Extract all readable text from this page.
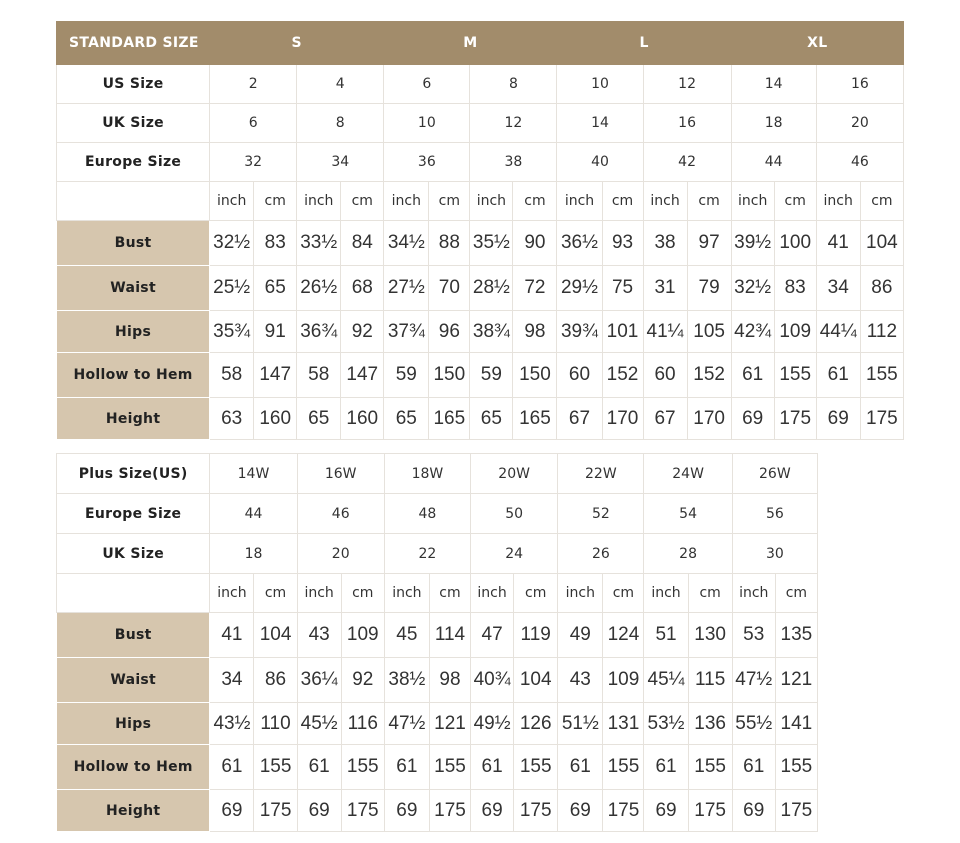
STANDARD SIZE	S				M				L				XL			
US Size	2		4		6		8		10		12		14		16	
UK Size	6		8		10		12		14		16		18		20	
Europe Size	32		34		36		38		40		42		44		46	
	inch	cm	inch	cm	inch	cm	inch	cm	inch	cm	inch	cm	inch	cm	inch	cm
Bust	32½	83	33½	84	34½	88	35½	90	36½	93	38	97	39½	100	41	104
Waist	25½	65	26½	68	27½	70	28½	72	29½	75	31	79	32½	83	34	86
Hips	35¾	91	36¾	92	37¾	96	38¾	98	39¾	101	41¼	105	42¾	109	44¼	112
Hollow to Hem	58	147	58	147	59	150	59	150	60	152	60	152	61	155	61	155
Height	63	160	65	160	65	165	65	165	67	170	67	170	69	175	69	175
Plus Size(US)	14W		16W		18W		20W		22W		24W		26W	
Europe Size	44		46		48		50		52		54		56	
UK Size	18		20		22		24		26		28		30	
	inch	cm	inch	cm	inch	cm	inch	cm	inch	cm	inch	cm	inch	cm
Bust	41	104	43	109	45	114	47	119	49	124	51	130	53	135
Waist	34	86	36¼	92	38½	98	40¾	104	43	109	45¼	115	47½	121
Hips	43½	110	45½	116	47½	121	49½	126	51½	131	53½	136	55½	141
Hollow to Hem	61	155	61	155	61	155	61	155	61	155	61	155	61	155
Height	69	175	69	175	69	175	69	175	69	175	69	175	69	175
